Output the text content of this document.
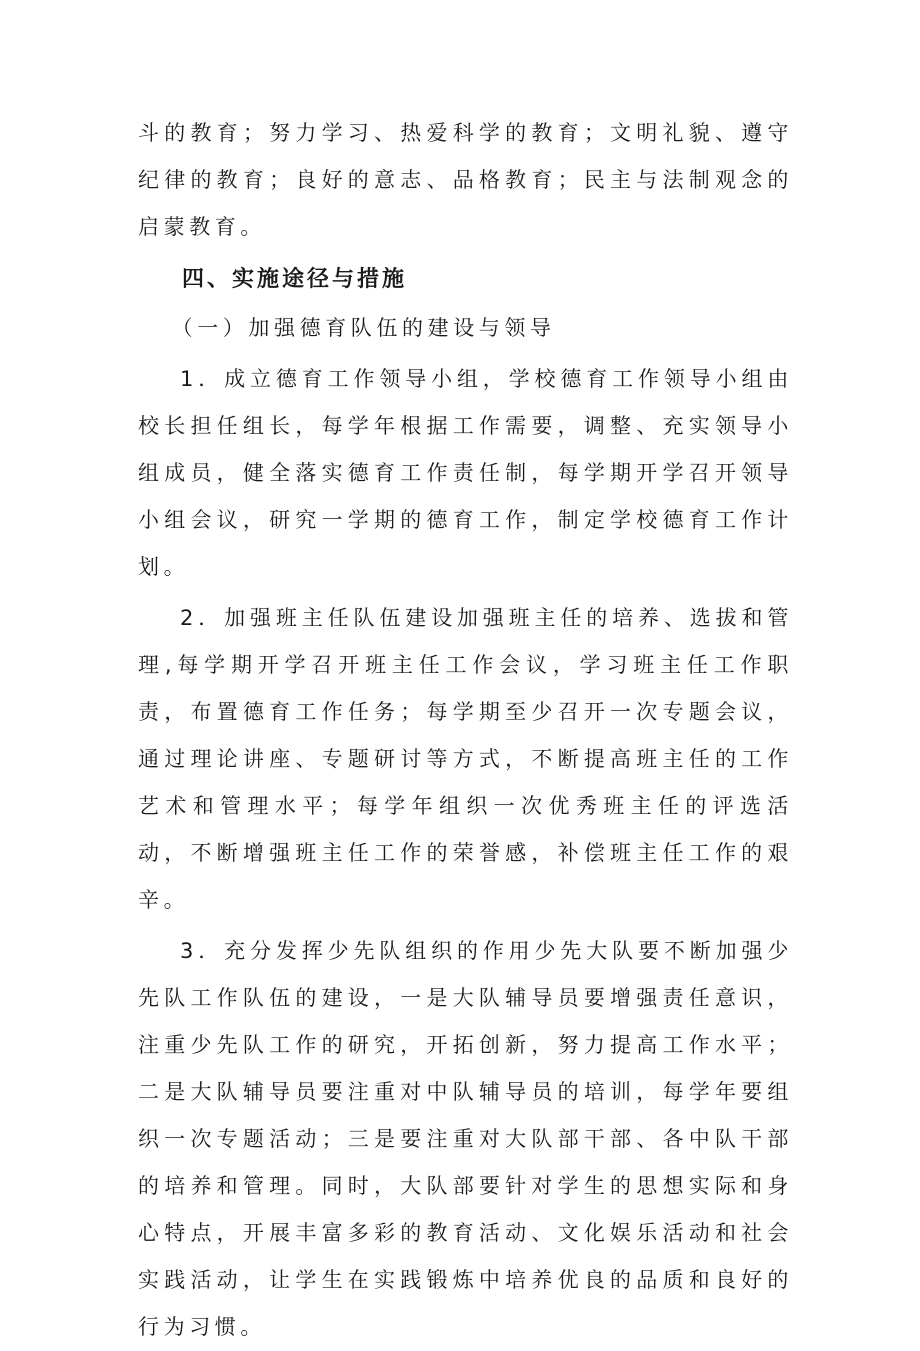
斗的教育；努力学习、热爱科学的教育；文明礼貌、遵守纪律的教育；良好的意志、品格教育；民主与法制观念的启蒙教育。

四、实施途径与措施

（一）加强德育队伍的建设与领导

1．成立德育工作领导小组，学校德育工作领导小组由校长担任组长，每学年根据工作需要，调整、充实领导小组成员，健全落实德育工作责任制，每学期开学召开领导小组会议，研究一学期的德育工作，制定学校德育工作计划。

2．加强班主任队伍建设加强班主任的培养、选拔和管理,每学期开学召开班主任工作会议，学习班主任工作职责，布置德育工作任务；每学期至少召开一次专题会议，通过理论讲座、专题研讨等方式，不断提高班主任的工作艺术和管理水平；每学年组织一次优秀班主任的评选活动，不断增强班主任工作的荣誉感，补偿班主任工作的艰辛。

3．充分发挥少先队组织的作用少先大队要不断加强少先队工作队伍的建设，一是大队辅导员要增强责任意识，注重少先队工作的研究，开拓创新，努力提高工作水平；二是大队辅导员要注重对中队辅导员的培训，每学年要组织一次专题活动；三是要注重对大队部干部、各中队干部的培养和管理。同时，大队部要针对学生的思想实际和身心特点，开展丰富多彩的教育活动、文化娱乐活动和社会实践活动，让学生在实践锻炼中培养优良的品质和良好的行为习惯。
